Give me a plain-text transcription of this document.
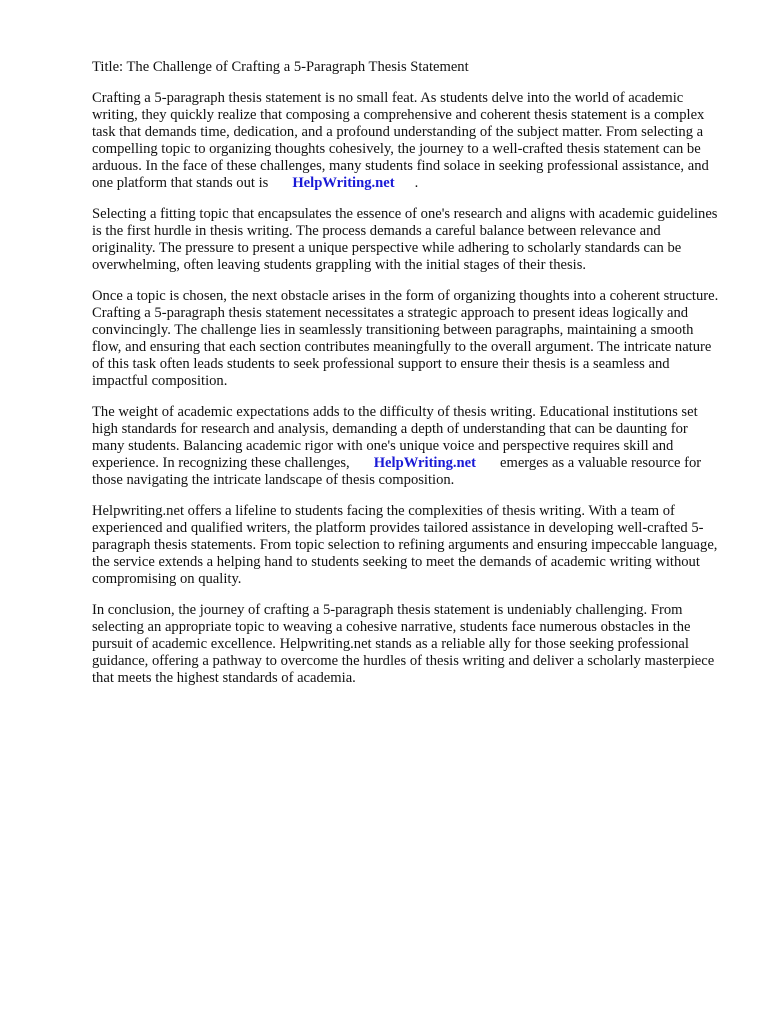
Title: The Challenge of Crafting a 5-Paragraph Thesis Statement

Crafting a 5-paragraph thesis statement is no small feat. As students delve into the world of academic writing, they quickly realize that composing a comprehensive and coherent thesis statement is a complex task that demands time, dedication, and a profound understanding of the subject matter. From selecting a compelling topic to organizing thoughts cohesively, the journey to a well-crafted thesis statement can be arduous. In the face of these challenges, many students find solace in seeking professional assistance, and one platform that stands out is HelpWriting.net .

Selecting a fitting topic that encapsulates the essence of one's research and aligns with academic guidelines is the first hurdle in thesis writing. The process demands a careful balance between relevance and originality. The pressure to present a unique perspective while adhering to scholarly standards can be overwhelming, often leaving students grappling with the initial stages of their thesis.

Once a topic is chosen, the next obstacle arises in the form of organizing thoughts into a coherent structure. Crafting a 5-paragraph thesis statement necessitates a strategic approach to present ideas logically and convincingly. The challenge lies in seamlessly transitioning between paragraphs, maintaining a smooth flow, and ensuring that each section contributes meaningfully to the overall argument. The intricate nature of this task often leads students to seek professional support to ensure their thesis is a seamless and impactful composition.

The weight of academic expectations adds to the difficulty of thesis writing. Educational institutions set high standards for research and analysis, demanding a depth of understanding that can be daunting for many students. Balancing academic rigor with one's unique voice and perspective requires skill and experience. In recognizing these challenges, HelpWriting.net emerges as a valuable resource for those navigating the intricate landscape of thesis composition.

Helpwriting.net offers a lifeline to students facing the complexities of thesis writing. With a team of experienced and qualified writers, the platform provides tailored assistance in developing well-crafted 5-paragraph thesis statements. From topic selection to refining arguments and ensuring impeccable language, the service extends a helping hand to students seeking to meet the demands of academic writing without compromising on quality.

In conclusion, the journey of crafting a 5-paragraph thesis statement is undeniably challenging. From selecting an appropriate topic to weaving a cohesive narrative, students face numerous obstacles in the pursuit of academic excellence. Helpwriting.net stands as a reliable ally for those seeking professional guidance, offering a pathway to overcome the hurdles of thesis writing and deliver a scholarly masterpiece that meets the highest standards of academia.
